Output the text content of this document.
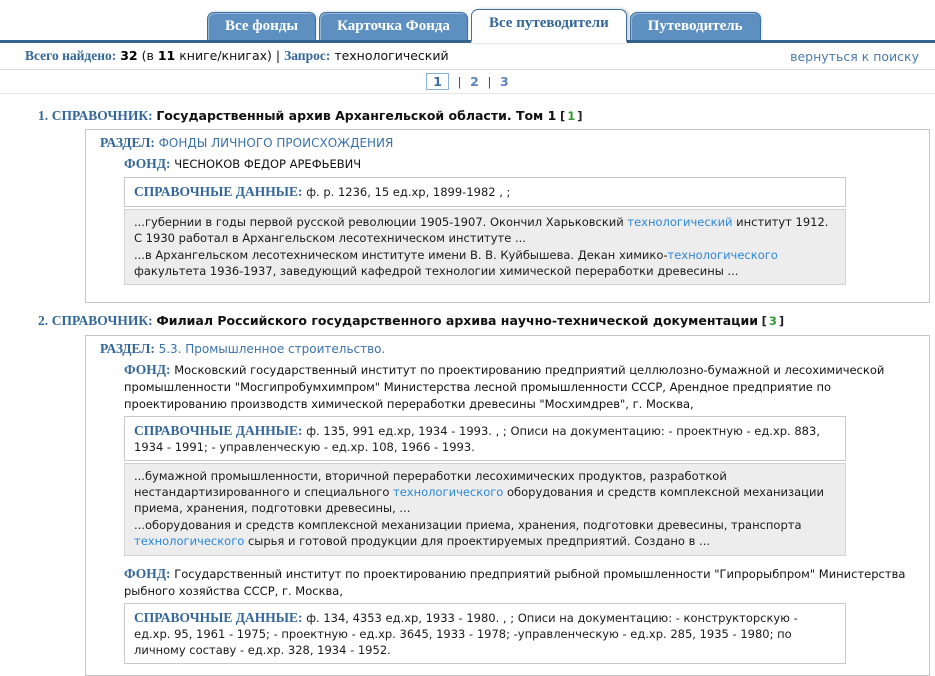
Все фонды	Карточка Фонда	Все путеводители	Путеводитель
Всего найдено: 32 (в 11 книге/книгах) | Запрос: технологический	вернуться к поиску
1 | 2 | 3
1. СПРАВОЧНИК: Государственный архив Архангельской области. Том 1 [ 1 ]
РАЗДЕЛ: ФОНДЫ ЛИЧНОГО ПРОИСХОЖДЕНИЯ
ФОНД: ЧЕСНОКОВ ФЕДОР АРЕФЬЕВИЧ
СПРАВОЧНЫЕ ДАННЫЕ: ф. р. 1236, 15 ед.хр, 1899-1982 , ;
...губернии в годы первой русской революции 1905-1907. Окончил Харьковский технологический институт 1912. С 1930 работал в Архангельском лесотехническом институте ...
...в Архангельском лесотехническом институте имени В. В. Куйбышева. Декан химико-технологического факультета 1936-1937, заведующий кафедрой технологии химической переработки древесины ...
2. СПРАВОЧНИК: Филиал Российского государственного архива научно-технической документации [ 3 ]
РАЗДЕЛ: 5.3. Промышленное строительство.
ФОНД: Московский государственный институт по проектированию предприятий целлюлозно-бумажной и лесохимической промышленности "Мосгипробумхимпром" Министерства лесной промышленности СССР, Арендное предприятие по проектированию производств химической переработки древесины "Мосхимдрев", г. Москва,
СПРАВОЧНЫЕ ДАННЫЕ: ф. 135, 991 ед.хр, 1934 - 1993. , ; Описи на документацию: - проектную - ед.хр. 883, 1934 - 1991; - управленческую - ед.хр. 108, 1966 - 1993.
...бумажной промышленности, вторичной переработки лесохимических продуктов, разработкой нестандартизированного и специального технологического оборудования и средств комплексной механизации приема, хранения, подготовки древесины, ...
...оборудования и средств комплексной механизации приема, хранения, подготовки древесины, транспорта технологического сырья и готовой продукции для проектируемых предприятий. Создано в ...
ФОНД: Государственный институт по проектированию предприятий рыбной промышленности "Гипрорыбпром" Министерства рыбного хозяйства СССР, г. Москва,
СПРАВОЧНЫЕ ДАННЫЕ: ф. 134, 4353 ед.хр, 1933 - 1980. , ; Описи на документацию: - конструкторскую - ед.хр. 95, 1961 - 1975; - проектную - ед.хр. 3645, 1933 - 1978; -управленческую - ед.хр. 285, 1935 - 1980; по личному составу - ед.хр. 328, 1934 - 1952.
